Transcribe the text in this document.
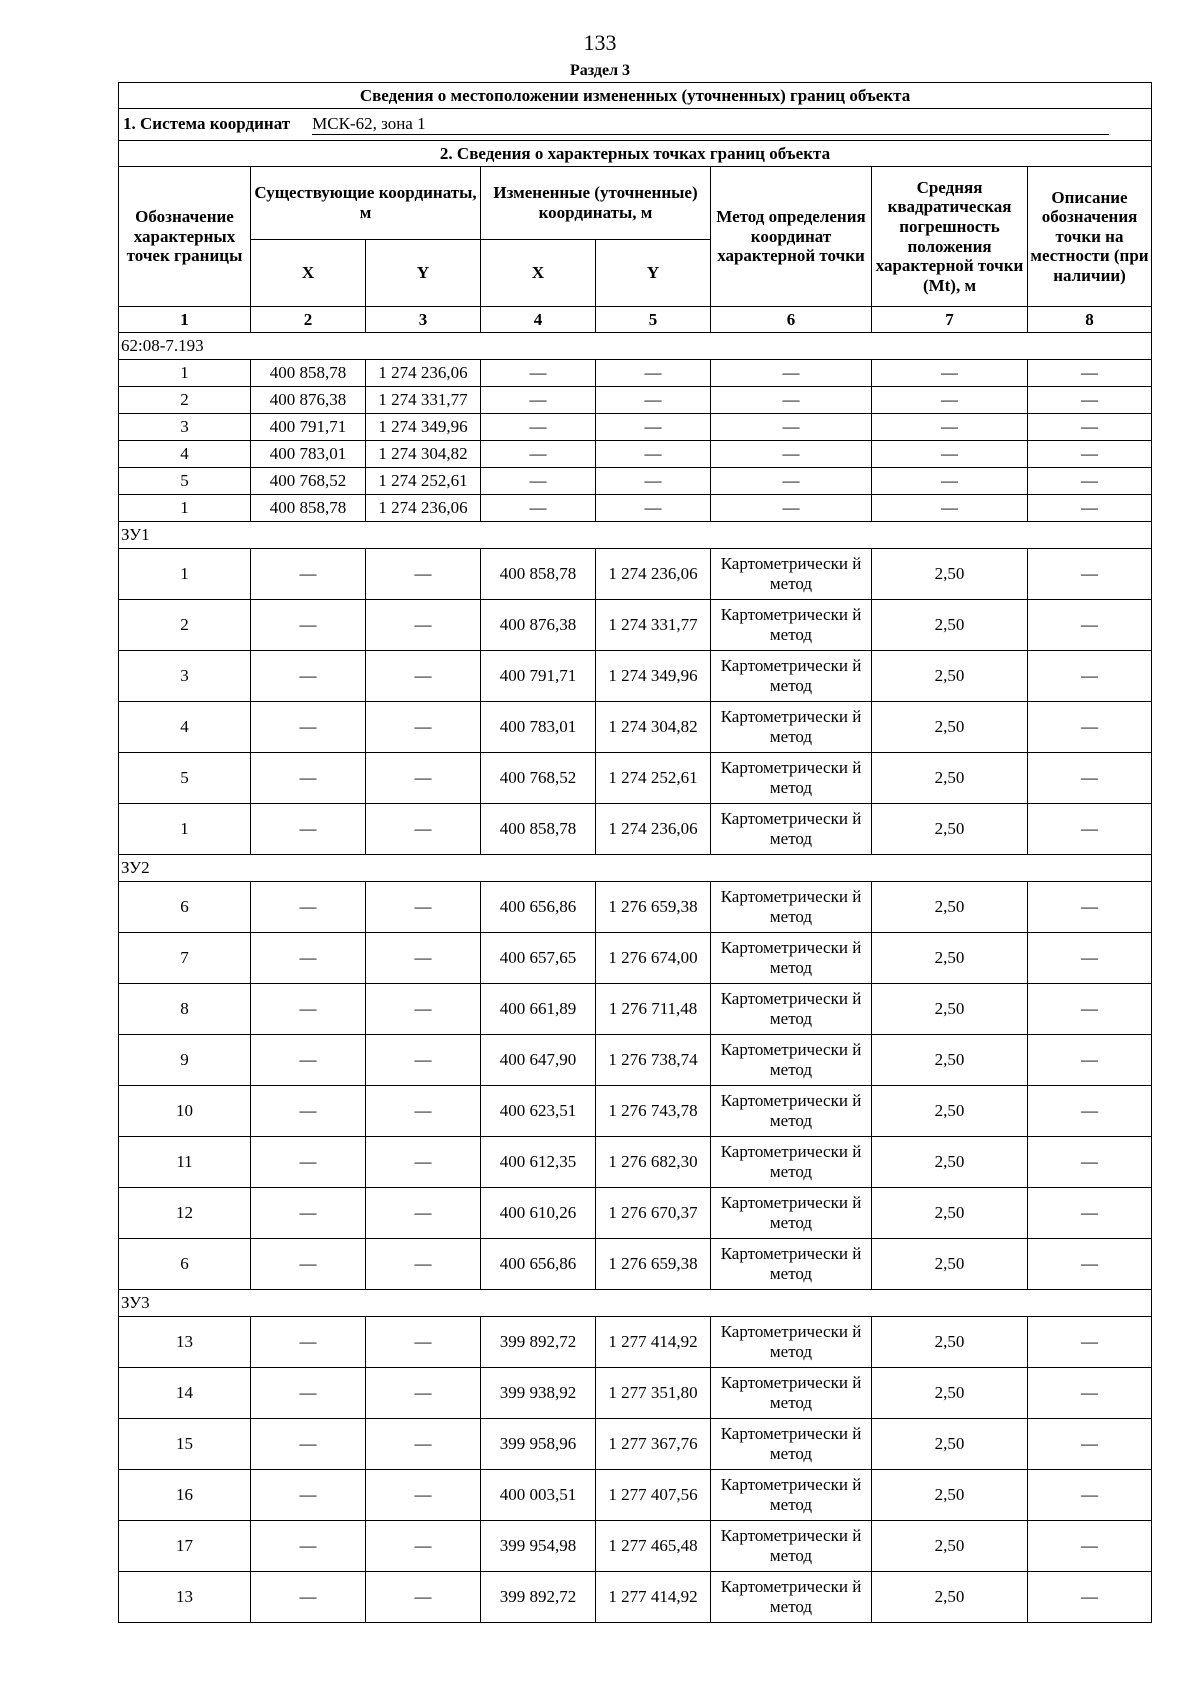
133
Раздел 3
Сведения о местоположении измененных (уточненных) границ объекта							
1. Система координат МСК-62, зона 1							
2. Сведения о характерных точках границ объекта							
Обозначение характерных точек границы	Существующие координаты, м		Измененные (уточненные) координаты, м		Метод определения координат характерной точки	Средняя квадратическая погрешность положения характерной точки (Mt), м	Описание обозначения точки на местности (при наличии)
	X	Y	X	Y			
1	2	3	4	5	6	7	8
62:08-7.193							
1	400 858,78	1 274 236,06	—	—	—	—	—
2	400 876,38	1 274 331,77	—	—	—	—	—
3	400 791,71	1 274 349,96	—	—	—	—	—
4	400 783,01	1 274 304,82	—	—	—	—	—
5	400 768,52	1 274 252,61	—	—	—	—	—
1	400 858,78	1 274 236,06	—	—	—	—	—
ЗУ1							
1	—	—	400 858,78	1 274 236,06	Картометрически й метод	2,50	—
2	—	—	400 876,38	1 274 331,77	Картометрически й метод	2,50	—
3	—	—	400 791,71	1 274 349,96	Картометрически й метод	2,50	—
4	—	—	400 783,01	1 274 304,82	Картометрически й метод	2,50	—
5	—	—	400 768,52	1 274 252,61	Картометрически й метод	2,50	—
1	—	—	400 858,78	1 274 236,06	Картометрически й метод	2,50	—
ЗУ2							
6	—	—	400 656,86	1 276 659,38	Картометрически й метод	2,50	—
7	—	—	400 657,65	1 276 674,00	Картометрически й метод	2,50	—
8	—	—	400 661,89	1 276 711,48	Картометрически й метод	2,50	—
9	—	—	400 647,90	1 276 738,74	Картометрически й метод	2,50	—
10	—	—	400 623,51	1 276 743,78	Картометрически й метод	2,50	—
11	—	—	400 612,35	1 276 682,30	Картометрически й метод	2,50	—
12	—	—	400 610,26	1 276 670,37	Картометрически й метод	2,50	—
6	—	—	400 656,86	1 276 659,38	Картометрически й метод	2,50	—
ЗУ3							
13	—	—	399 892,72	1 277 414,92	Картометрически й метод	2,50	—
14	—	—	399 938,92	1 277 351,80	Картометрически й метод	2,50	—
15	—	—	399 958,96	1 277 367,76	Картометрически й метод	2,50	—
16	—	—	400 003,51	1 277 407,56	Картометрически й метод	2,50	—
17	—	—	399 954,98	1 277 465,48	Картометрически й метод	2,50	—
13	—	—	399 892,72	1 277 414,92	Картометрически й метод	2,50	—
